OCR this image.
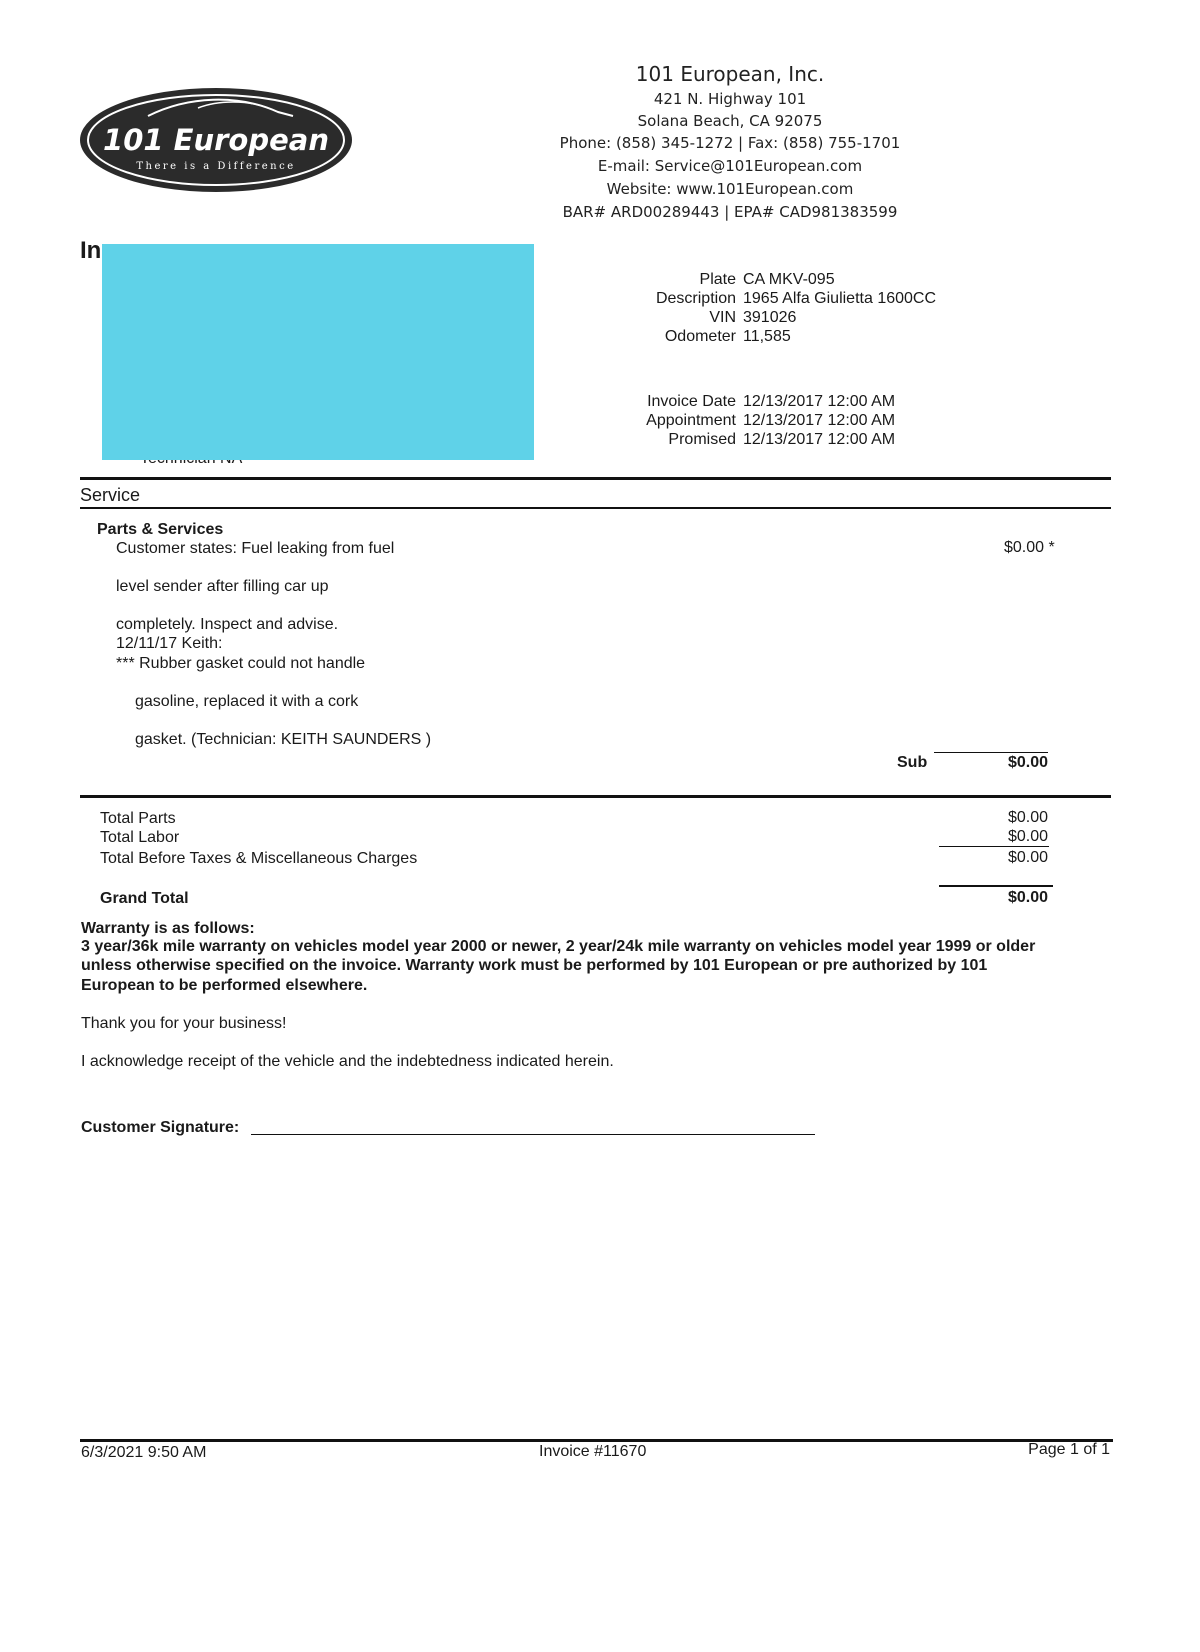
101 European
There is a Difference
101 European, Inc.
421 N. Highway 101
Solana Beach, CA 92075
Phone: (858) 345-1272 | Fax: (858) 755-1701
E-mail: Service@101European.com
Website: www.101European.com
BAR# ARD00289443 | EPA# CAD981383599
In
Plate CA MKV-095
Description 1965 Alfa Giulietta 1600CC
VIN 391026
Odometer 11,585
Invoice Date 12/13/2017 12:00 AM
Appointment 12/13/2017 12:00 AM
Promised 12/13/2017 12:00 AM
Service
Parts & Services
Customer states: Fuel leaking from fuel	$0.00 *
level sender after filling car up
completely. Inspect and advise.
12/11/17 Keith:
*** Rubber gasket could not handle
gasoline, replaced it with a cork
gasket. (Technician: KEITH SAUNDERS )
Sub	$0.00
Total Parts	$0.00
Total Labor	$0.00
Total Before Taxes & Miscellaneous Charges	$0.00
Grand Total	$0.00
Warranty is as follows:
3 year/36k mile warranty on vehicles model year 2000 or newer, 2 year/24k mile warranty on vehicles model year 1999 or older
unless otherwise specified on the invoice. Warranty work must be performed by 101 European or pre authorized by 101
European to be performed elsewhere.
Thank you for your business!
I acknowledge receipt of the vehicle and the indebtedness indicated herein.
Customer Signature:
6/3/2021 9:50 AM	Invoice #11670	Page 1 of 1
